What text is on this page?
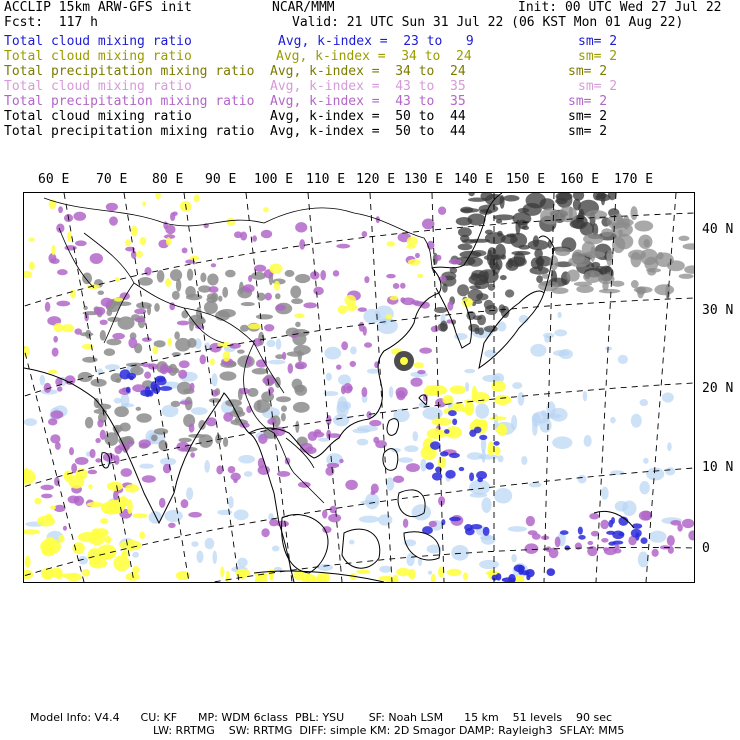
ACCLIP 15km ARW-GFS init	NCAR/MMM	Init: 00 UTC Wed 27 Jul 22
Fcst:  117 h	Valid: 21 UTC Sun 31 Jul 22 (06 KST Mon 01 Aug 22)
Total cloud mixing ratio	Avg, k-index =  23 to   9	sm= 2
Total cloud mixing ratio	Avg, k-index =  34 to  24	sm= 2
Total precipitation mixing ratio Avg, k-index =  34 to  24	sm= 2
Total cloud mixing ratio	Avg, k-index =  43 to  35	sm= 2
Total precipitation mixing ratio Avg, k-index =  43 to  35	sm= 2
Total cloud mixing ratio	Avg, k-index =  50 to  44	sm= 2
Total precipitation mixing ratio Avg, k-index =  50 to  44	sm= 2
60 E 70 E 80 E 90 E 100 E 110 E 120 E 130 E 140 E 150 E 160 E 170 E
40 N
30 N
20 N
10 N
0
Model Info: V4.4      CU: KF      MP: WDM 6class  PBL: YSU       SF: Noah LSM      15 km    51 levels    90 sec
LW: RRTMG    SW: RRTMG  DIFF: simple KM: 2D Smagor DAMP: Rayleigh3  SFLAY: MM5
